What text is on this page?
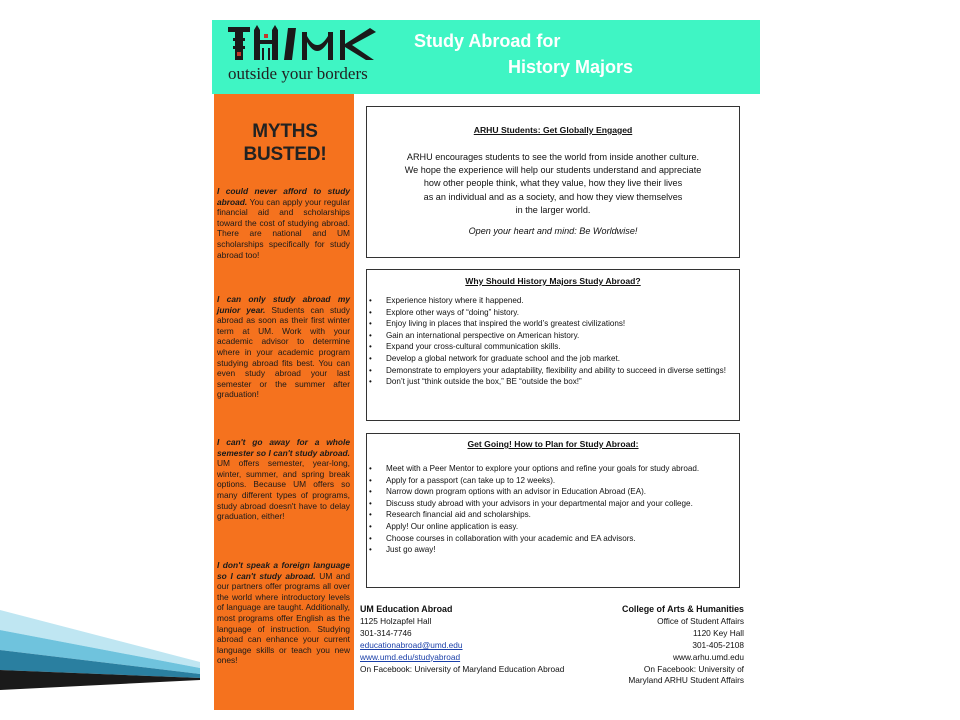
outside your borders
Study Abroad for
History Majors
MYTHS
BUSTED!
I could never afford to study abroad. You can apply your regular financial aid and scholarships toward the cost of studying abroad. There are national and UM scholarships specifically for study abroad too!
I can only study abroad my junior year. Students can study abroad as soon as their first winter term at UM. Work with your academic advisor to determine where in your academic program studying abroad fits best. You can even study abroad your last semester or the summer after graduation!
I can't go away for a whole semester so I can't study abroad. UM offers semester, year-long, winter, summer, and spring break options. Because UM offers so many different types of programs, study abroad doesn't have to delay graduation, either!
I don't speak a foreign language so I can't study abroad. UM and our partners offer programs all over the world where introductory levels of language are taught. Additionally, most programs offer English as the language of instruction. Studying abroad can enhance your current language skills or teach you new ones!
ARHU Students: Get Globally Engaged
ARHU encourages students to see the world from inside another culture.
We hope the experience will help our students understand and appreciate
how other people think, what they value, how they live their lives
as an individual and as a society, and how they view themselves
in the larger world.
Open your heart and mind: Be Worldwise!
Why Should History Majors Study Abroad?
• Experience history where it happened.
• Explore other ways of “doing” history.
• Enjoy living in places that inspired the world’s greatest civilizations!
• Gain an international perspective on American history.
• Expand your cross-cultural communication skills.
• Develop a global network for graduate school and the job market.
• Demonstrate to employers your adaptability, flexibility and ability to succeed in diverse settings!
• Don’t just “think outside the box,” BE “outside the box!”
Get Going! How to Plan for Study Abroad:
• Meet with a Peer Mentor to explore your options and refine your goals for study abroad.
• Apply for a passport (can take up to 12 weeks).
• Narrow down program options with an advisor in Education Abroad (EA).
• Discuss study abroad with your advisors in your departmental major and your college.
• Research financial aid and scholarships.
• Apply! Our online application is easy.
• Choose courses in collaboration with your academic and EA advisors.
• Just go away!
UM Education Abroad
1125 Holzapfel Hall
301-314-7746
educationabroad@umd.edu
www.umd.edu/studyabroad
On Facebook: University of Maryland Education Abroad
College of Arts & Humanities
Office of Student Affairs
1120 Key Hall
301-405-2108
www.arhu.umd.edu
On Facebook: University of
Maryland ARHU Student Affairs
